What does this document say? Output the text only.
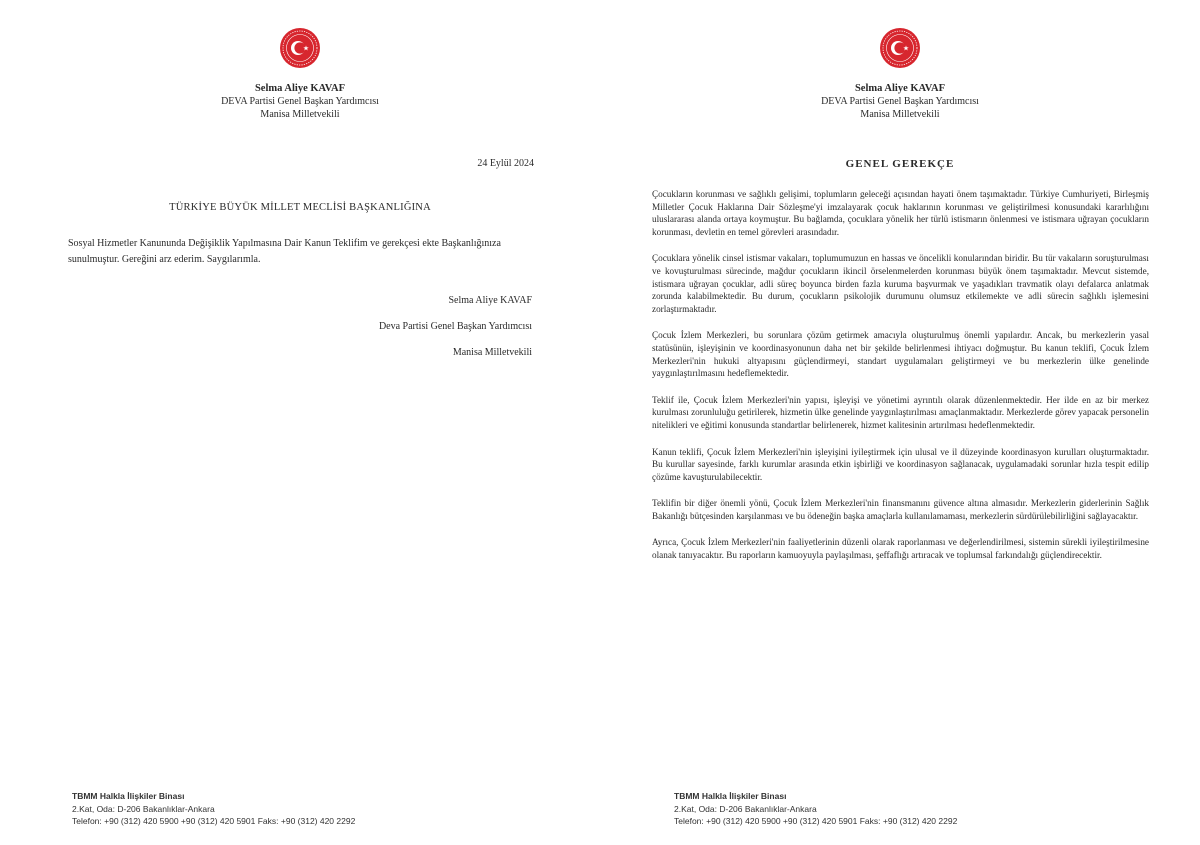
Selma Aliye KAVAF
DEVA Partisi Genel Başkan Yardımcısı
Manisa Milletvekili
24 Eylül 2024
TÜRKİYE BÜYÜK MİLLET MECLİSİ BAŞKANLIĞINA
Sosyal Hizmetler Kanununda Değişiklik Yapılmasına Dair Kanun Teklifim ve gerekçesi ekte Başkanlığınıza sunulmuştur. Gereğini arz ederim. Saygılarımla.
Selma Aliye KAVAF
Deva Partisi Genel Başkan Yardımcısı
Manisa Milletvekili
TBMM Halkla İlişkiler Binası
2.Kat, Oda: D-206 Bakanlıklar-Ankara
Telefon: +90 (312) 420 5900 +90 (312) 420 5901 Faks: +90 (312) 420 2292
Selma Aliye KAVAF
DEVA Partisi Genel Başkan Yardımcısı
Manisa Milletvekili
GENEL GEREKÇE

Çocukların korunması ve sağlıklı gelişimi, toplumların geleceği açısından hayati önem taşımaktadır. Türkiye Cumhuriyeti, Birleşmiş Milletler Çocuk Haklarına Dair Sözleşme'yi imzalayarak çocuk haklarının korunması ve geliştirilmesi konusundaki kararlılığını uluslararası alanda ortaya koymuştur. Bu bağlamda, çocuklara yönelik her türlü istismarın önlenmesi ve istismara uğrayan çocukların korunması, devletin en temel görevleri arasındadır.

Çocuklara yönelik cinsel istismar vakaları, toplumumuzun en hassas ve öncelikli konularından biridir. Bu tür vakaların soruşturulması ve kovuşturulması sürecinde, mağdur çocukların ikincil örselenmelerden korunması büyük önem taşımaktadır. Mevcut sistemde, istismara uğrayan çocuklar, adli süreç boyunca birden fazla kuruma başvurmak ve yaşadıkları travmatik olayı defalarca anlatmak zorunda kalabilmektedir. Bu durum, çocukların psikolojik durumunu olumsuz etkilemekte ve adli sürecin sağlıklı işlemesini zorlaştırmaktadır.

Çocuk İzlem Merkezleri, bu sorunlara çözüm getirmek amacıyla oluşturulmuş önemli yapılardır. Ancak, bu merkezlerin yasal statüsünün, işleyişinin ve koordinasyonunun daha net bir şekilde belirlenmesi ihtiyacı doğmuştur. Bu kanun teklifi, Çocuk İzlem Merkezleri'nin hukuki altyapısını güçlendirmeyi, standart uygulamaları geliştirmeyi ve bu merkezlerin ülke genelinde yaygınlaştırılmasını hedeflemektedir.

Teklif ile, Çocuk İzlem Merkezleri'nin yapısı, işleyişi ve yönetimi ayrıntılı olarak düzenlenmektedir. Her ilde en az bir merkez kurulması zorunluluğu getirilerek, hizmetin ülke genelinde yaygınlaştırılması amaçlanmaktadır. Merkezlerde görev yapacak personelin nitelikleri ve eğitimi konusunda standartlar belirlenerek, hizmet kalitesinin artırılması hedeflenmektedir.

Kanun teklifi, Çocuk İzlem Merkezleri'nin işleyişini iyileştirmek için ulusal ve il düzeyinde koordinasyon kurulları oluşturmaktadır. Bu kurullar sayesinde, farklı kurumlar arasında etkin işbirliği ve koordinasyon sağlanacak, uygulamadaki sorunlar hızla tespit edilip çözüme kavuşturulabilecektir.

Teklifin bir diğer önemli yönü, Çocuk İzlem Merkezleri'nin finansmanını güvence altına almasıdır. Merkezlerin giderlerinin Sağlık Bakanlığı bütçesinden karşılanması ve bu ödeneğin başka amaçlarla kullanılamaması, merkezlerin sürdürülebilirliğini sağlayacaktır.

Ayrıca, Çocuk İzlem Merkezleri'nin faaliyetlerinin düzenli olarak raporlanması ve değerlendirilmesi, sistemin sürekli iyileştirilmesine olanak tanıyacaktır. Bu raporların kamuoyuyla paylaşılması, şeffaflığı artıracak ve toplumsal farkındalığı güçlendirecektir.

TBMM Halkla İlişkiler Binası
2.Kat, Oda: D-206 Bakanlıklar-Ankara
Telefon: +90 (312) 420 5900 +90 (312) 420 5901 Faks: +90 (312) 420 2292
